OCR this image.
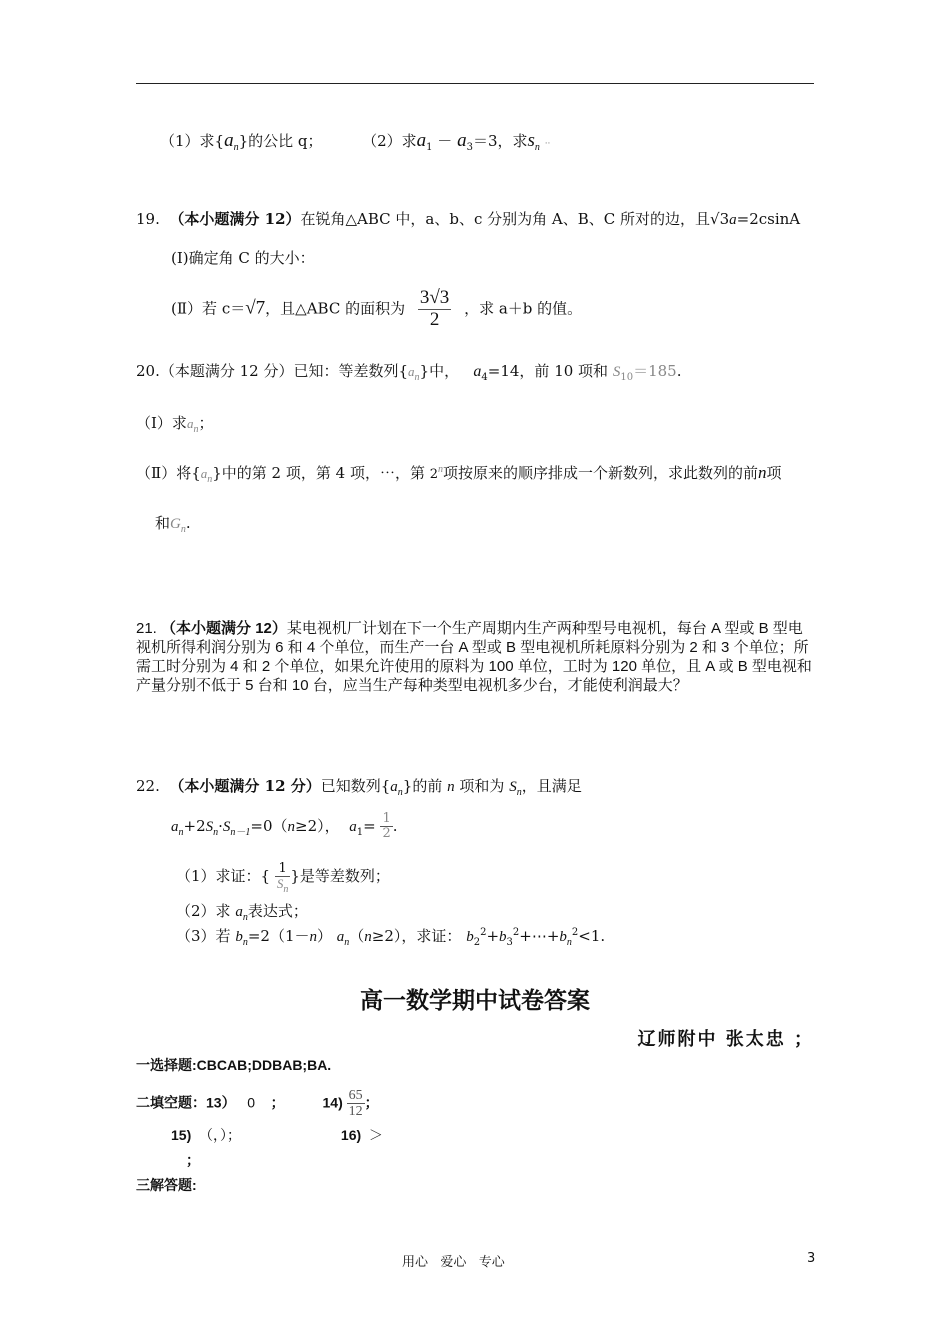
（1）求$\{a_n\}$的公比 q；	（2）求$a_1 - a_3=3$，求$s_n$ ··
19. （本小题满分 12）在锐角△ABC 中，a、b、c 分别为角 A、B、C 所对的边，且√3a=2csinA
(Ⅰ)确定角 C 的大小：
(Ⅱ）若 c＝√7，且△ABC 的面积为 $\frac{3√3}{2}$ ，求 a＋b 的值。
20.（本题满分 12 分）已知：等差数列$\{a_n\}$中， $a_4=14$，前 10 项和 $S_{10}=185$.
（Ⅰ）求$a_n$；
（Ⅱ）将$\{a_n\}$中的第 2 项，第 4 项，⋯，第 2$^n$项按原来的顺序排成一个新数列，求此数列的前n项
和$G_n$.
21. （本小题满分 12）某电视机厂计划在下一个生产周期内生产两种型号电视机，每台 A 型或 B 型电视机所得利润分别为 6 和 4 个单位，而生产一台 A 型或 B 型电视机所耗原料分别为 2 和 3 个单位；所需工时分别为 4 和 2 个单位，如果允许使用的原料为 100 单位，工时为 120 单位，且 A 或 B 型电视和产量分别不低于 5 台和 10 台，应当生产每种类型电视机多少台，才能使利润最大？
22. （本小题满分 12 分）已知数列$\{a_n\}$的前 n 项和为 $S_n$，且满足
$a_n+2S_n\cdot S_{n-1}=0(n\ge 2)$， $a_1= \frac{1}{2}$ .
（1）求证：{ $\frac{1}{S_n}$ }是等差数列；
（2）求 $a_n$表达式；
（3）若 $b_n=2(1-n)$ $a_n(n\ge 2)$，求证： $b_2^2+b_3^2+\cdots+b_n^2<1$.
高一数学期中试卷答案
辽师附中 张太忠 ；
一选择题:CBCAB;DDBAB;BA.
二填空题：13） 0 ；	$14) \frac{65}{12}$ ；
15) （，）；	16) ＞
；
三解答题:
用心   爱心   专心	3
